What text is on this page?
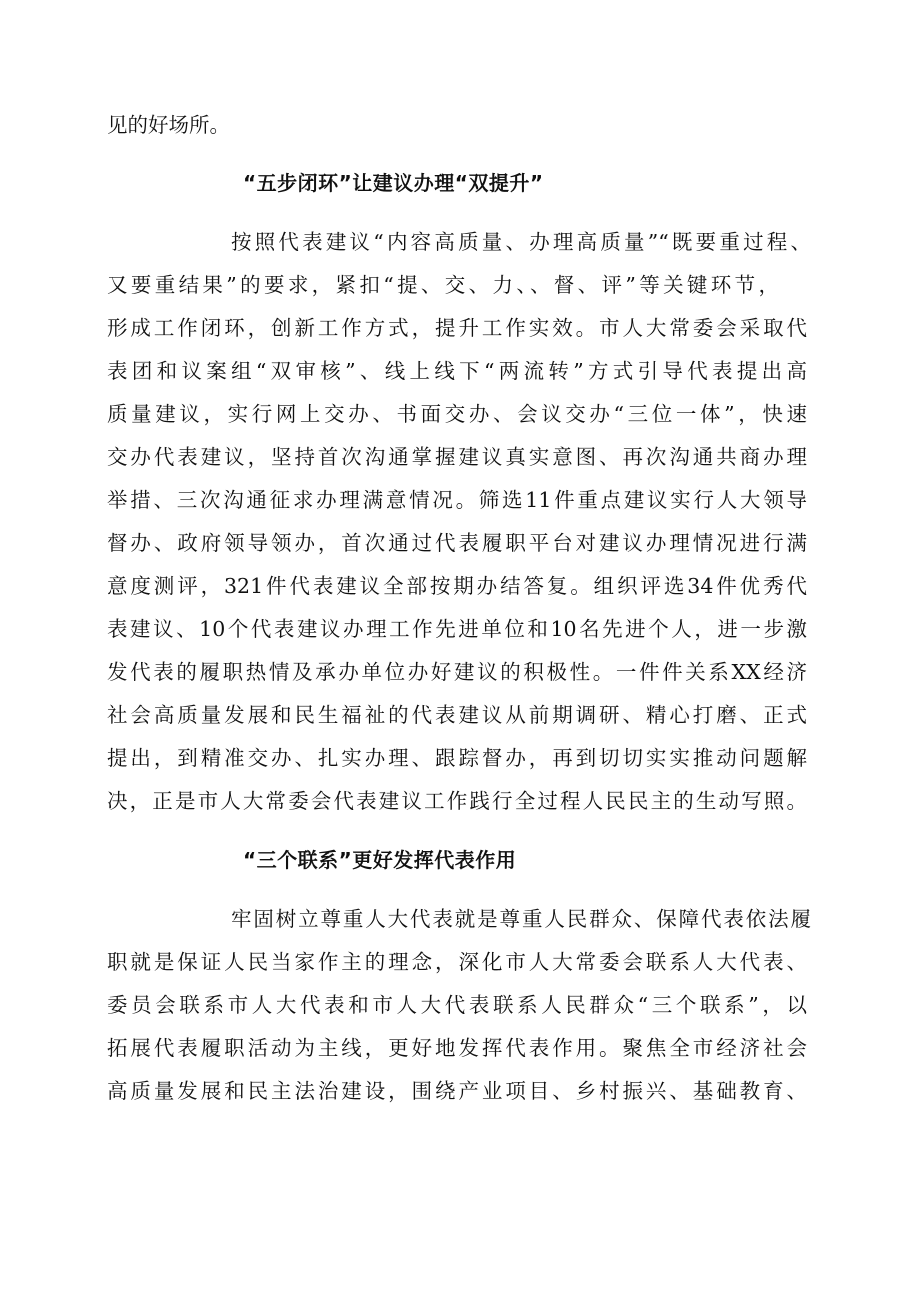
见的好场所。
“五步闭环”让建议办理“双提升”
按照代表建议“内容高质量、办理高质量”“既要重过程、
又要重结果”的要求，紧扣“提、交、力、、督、评”等关键环节，
形成工作闭环，创新工作方式，提升工作实效。市人大常委会采取代
表团和议案组“双审核”、线上线下“两流转”方式引导代表提出高
质量建议，实行网上交办、书面交办、会议交办“三位一体”，快速
交办代表建议，坚持首次沟通掌握建议真实意图、再次沟通共商办理
举措、三次沟通征求办理满意情况。筛选11件重点建议实行人大领导
督办、政府领导领办，首次通过代表履职平台对建议办理情况进行满
意度测评，321件代表建议全部按期办结答复。组织评选34件优秀代
表建议、10个代表建议办理工作先进单位和10名先进个人，进一步激
发代表的履职热情及承办单位办好建议的积极性。一件件关系XX经济
社会高质量发展和民生福祉的代表建议从前期调研、精心打磨、正式
提出，到精准交办、扎实办理、跟踪督办，再到切切实实推动问题解
决，正是市人大常委会代表建议工作践行全过程人民民主的生动写照。
“三个联系”更好发挥代表作用
牢固树立尊重人大代表就是尊重人民群众、保障代表依法履
职就是保证人民当家作主的理念，深化市人大常委会联系人大代表、
委员会联系市人大代表和市人大代表联系人民群众“三个联系”，以
拓展代表履职活动为主线，更好地发挥代表作用。聚焦全市经济社会
高质量发展和民主法治建设，围绕产业项目、乡村振兴、基础教育、
